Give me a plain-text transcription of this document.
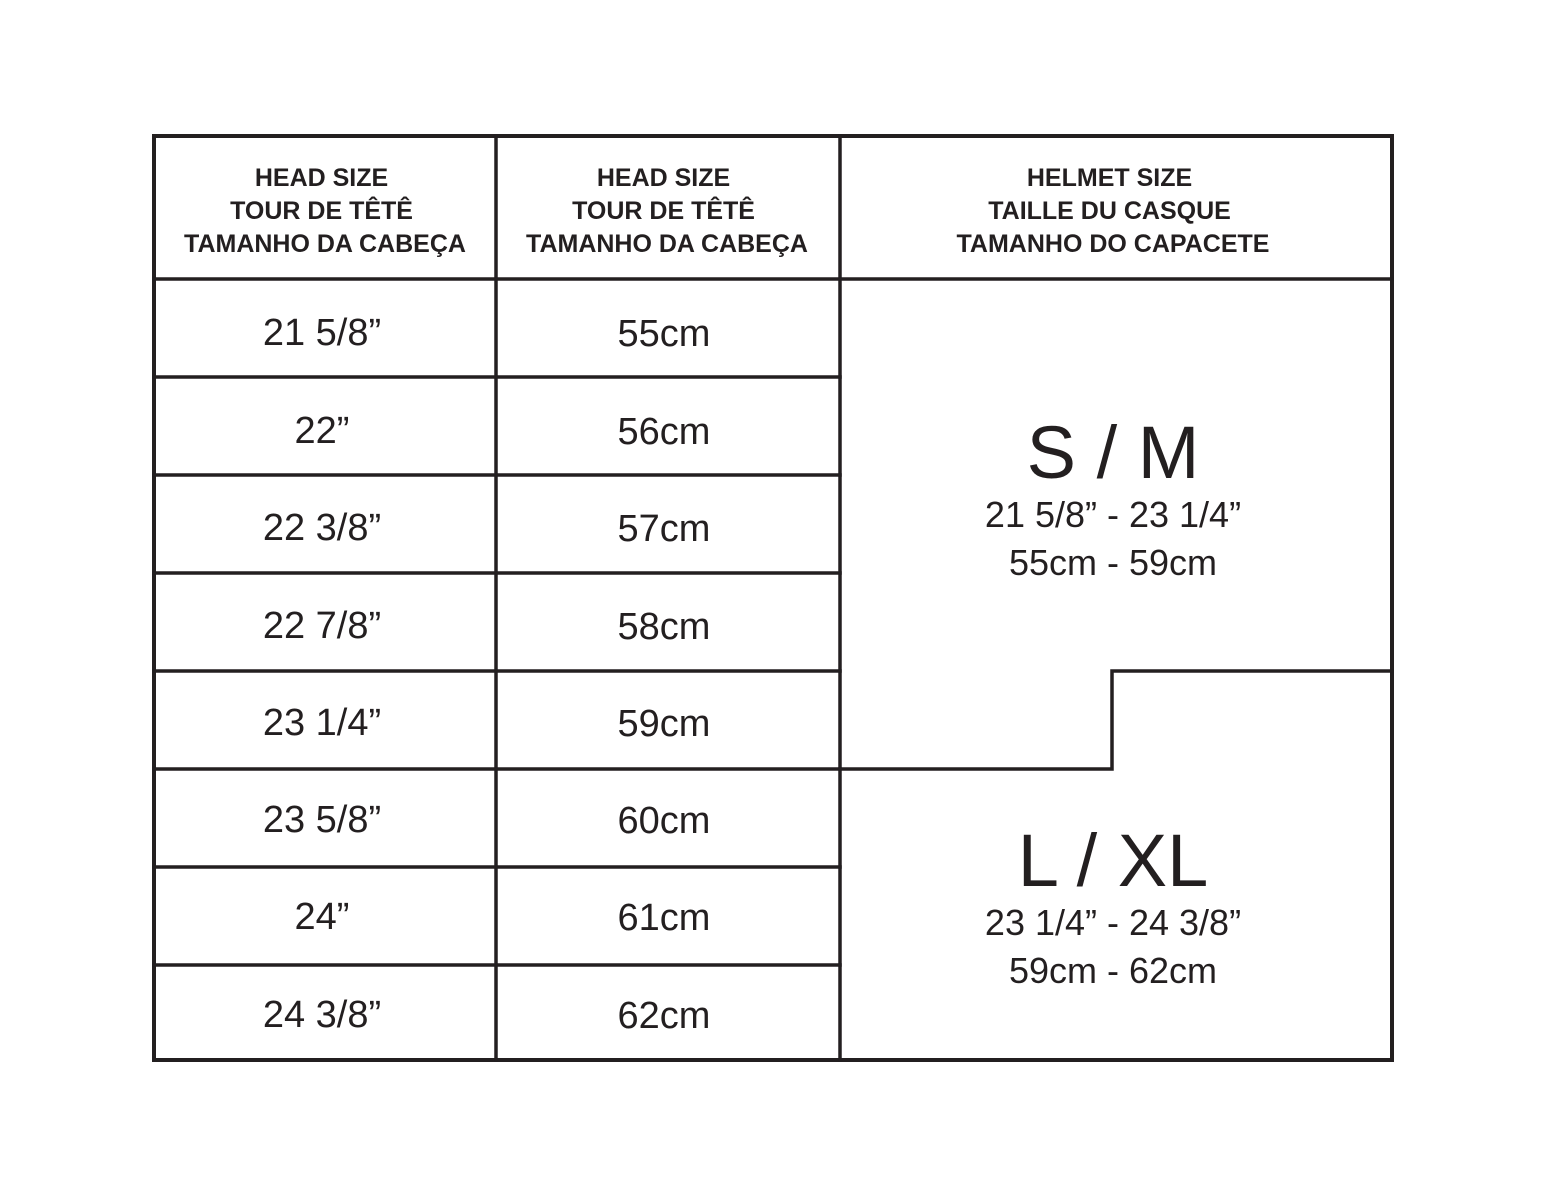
HEAD SIZE TOUR DE TÊTÊ TAMANHO DA CABEÇA
HEAD SIZE TOUR DE TÊTÊ TAMANHO DA CABEÇA
HELMET SIZE TAILLE DU CASQUE TAMANHO DO CAPACETE
21 5/8”
22”
22 3/8”
22 7/8”
23 1/4”
23 5/8”
24”
24 3/8”
55cm
56cm
57cm
58cm
59cm
60cm
61cm
62cm
S / M
21 5/8” - 23 1/4”
55cm - 59cm
L / XL
23 1/4” - 24 3/8”
59cm - 62cm
